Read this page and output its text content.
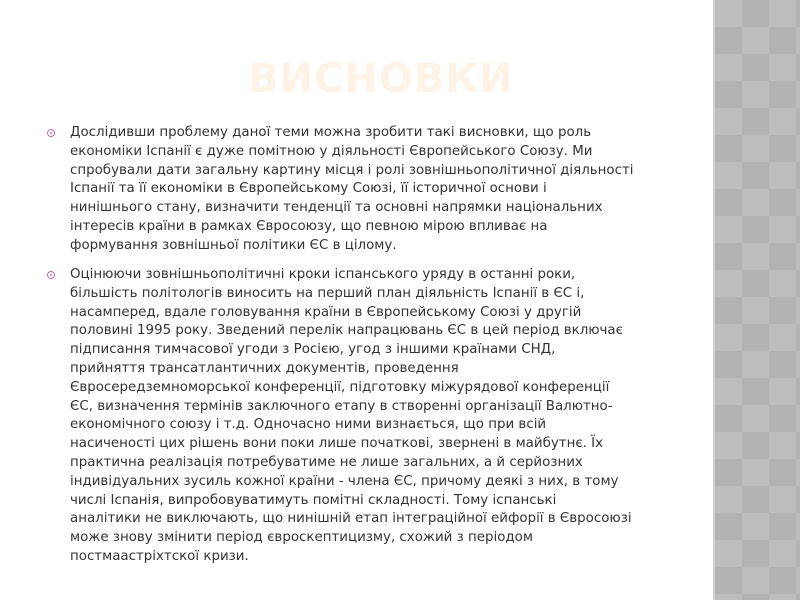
ВИСНОВКИ
Дослідивши проблему даної теми можна зробити такі висновки, що роль
економіки Іспанії є дуже помітною у діяльності Європейського Союзу. Ми
спробували дати загальну картину місця і ролі зовнішньополітичної діяльності
Іспанії та її економіки в Європейському Союзі, її історичної основи і
нинішнього стану, визначити тенденції та основні напрямки національних
інтересів країни в рамках Євросоюзу, що певною мірою впливає на
формування зовнішньої політики ЄС в цілому.
Оцінюючи зовнішньополітичні кроки іспанського уряду в останні роки,
більшість політологів виносить на перший план діяльність Іспанії в ЄС і,
насамперед, вдале головування країни в Європейському Союзі у другій
половині 1995 року. Зведений перелік напрацювань ЄС в цей період включає
підписання тимчасової угоди з Росією, угод з іншими країнами СНД,
прийняття трансатлантичних документів, проведення
Євросередземноморської конференції, підготовку міжурядової конференції
ЄС, визначення термінів заключного етапу в створенні організації Валютно-
економічного союзу і т.д. Одночасно ними визнається, що при всій
насиченості цих рішень вони поки лише початкові, звернені в майбутнє. Їх
практична реалізація потребуватиме не лише загальних, а й серйозних
індивідуальних зусиль кожної країни - члена ЄС, причому деякі з них, в тому
числі Іспанія, випробовуватимуть помітні складності. Тому іспанські
аналітики не виключають, що нинішній етап інтеграційної ейфорії в Євросоюзі
може знову змінити період євроскептицизму, схожий з періодом
постмаастріхтскої кризи.
